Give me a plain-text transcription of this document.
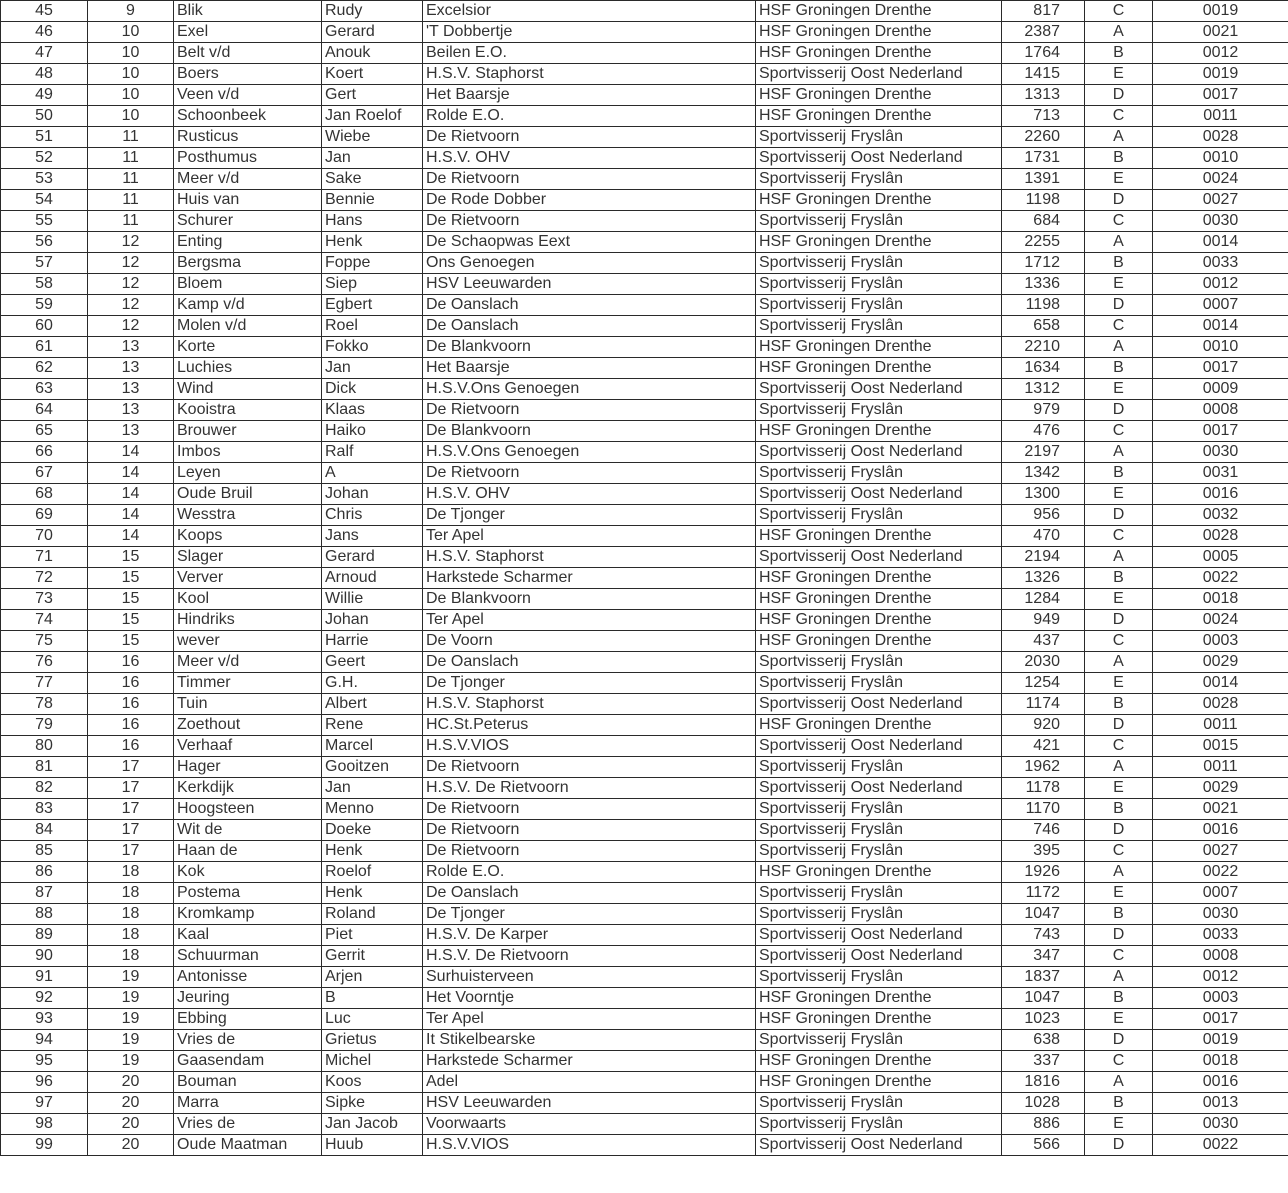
45	9	Blik	Rudy	Excelsior	HSF Groningen Drenthe	817	C	0019
46	10	Exel	Gerard	'T Dobbertje	HSF Groningen Drenthe	2387	A	0021
47	10	Belt v/d	Anouk	Beilen E.O.	HSF Groningen Drenthe	1764	B	0012
48	10	Boers	Koert	H.S.V. Staphorst	Sportvisserij Oost Nederland	1415	E	0019
49	10	Veen v/d	Gert	Het Baarsje	HSF Groningen Drenthe	1313	D	0017
50	10	Schoonbeek	Jan Roelof	Rolde E.O.	HSF Groningen Drenthe	713	C	0011
51	11	Rusticus	Wiebe	De Rietvoorn	Sportvisserij Fryslân	2260	A	0028
52	11	Posthumus	Jan	H.S.V. OHV	Sportvisserij Oost Nederland	1731	B	0010
53	11	Meer v/d	Sake	De Rietvoorn	Sportvisserij Fryslân	1391	E	0024
54	11	Huis van	Bennie	De Rode Dobber	HSF Groningen Drenthe	1198	D	0027
55	11	Schurer	Hans	De Rietvoorn	Sportvisserij Fryslân	684	C	0030
56	12	Enting	Henk	De Schaopwas Eext	HSF Groningen Drenthe	2255	A	0014
57	12	Bergsma	Foppe	Ons Genoegen	Sportvisserij Fryslân	1712	B	0033
58	12	Bloem	Siep	HSV Leeuwarden	Sportvisserij Fryslân	1336	E	0012
59	12	Kamp v/d	Egbert	De Oanslach	Sportvisserij Fryslân	1198	D	0007
60	12	Molen v/d	Roel	De Oanslach	Sportvisserij Fryslân	658	C	0014
61	13	Korte	Fokko	De Blankvoorn	HSF Groningen Drenthe	2210	A	0010
62	13	Luchies	Jan	Het Baarsje	HSF Groningen Drenthe	1634	B	0017
63	13	Wind	Dick	H.S.V.Ons Genoegen	Sportvisserij Oost Nederland	1312	E	0009
64	13	Kooistra	Klaas	De Rietvoorn	Sportvisserij Fryslân	979	D	0008
65	13	Brouwer	Haiko	De Blankvoorn	HSF Groningen Drenthe	476	C	0017
66	14	Imbos	Ralf	H.S.V.Ons Genoegen	Sportvisserij Oost Nederland	2197	A	0030
67	14	Leyen	A	De Rietvoorn	Sportvisserij Fryslân	1342	B	0031
68	14	Oude Bruil	Johan	H.S.V. OHV	Sportvisserij Oost Nederland	1300	E	0016
69	14	Wesstra	Chris	De Tjonger	Sportvisserij Fryslân	956	D	0032
70	14	Koops	Jans	Ter Apel	HSF Groningen Drenthe	470	C	0028
71	15	Slager	Gerard	H.S.V. Staphorst	Sportvisserij Oost Nederland	2194	A	0005
72	15	Verver	Arnoud	Harkstede Scharmer	HSF Groningen Drenthe	1326	B	0022
73	15	Kool	Willie	De Blankvoorn	HSF Groningen Drenthe	1284	E	0018
74	15	Hindriks	Johan	Ter Apel	HSF Groningen Drenthe	949	D	0024
75	15	wever	Harrie	De Voorn	HSF Groningen Drenthe	437	C	0003
76	16	Meer v/d	Geert	De Oanslach	Sportvisserij Fryslân	2030	A	0029
77	16	Timmer	G.H.	De Tjonger	Sportvisserij Fryslân	1254	E	0014
78	16	Tuin	Albert	H.S.V. Staphorst	Sportvisserij Oost Nederland	1174	B	0028
79	16	Zoethout	Rene	HC.St.Peterus	HSF Groningen Drenthe	920	D	0011
80	16	Verhaaf	Marcel	H.S.V.VIOS	Sportvisserij Oost Nederland	421	C	0015
81	17	Hager	Gooitzen	De Rietvoorn	Sportvisserij Fryslân	1962	A	0011
82	17	Kerkdijk	Jan	H.S.V. De Rietvoorn	Sportvisserij Oost Nederland	1178	E	0029
83	17	Hoogsteen	Menno	De Rietvoorn	Sportvisserij Fryslân	1170	B	0021
84	17	Wit de	Doeke	De Rietvoorn	Sportvisserij Fryslân	746	D	0016
85	17	Haan de	Henk	De Rietvoorn	Sportvisserij Fryslân	395	C	0027
86	18	Kok	Roelof	Rolde E.O.	HSF Groningen Drenthe	1926	A	0022
87	18	Postema	Henk	De Oanslach	Sportvisserij Fryslân	1172	E	0007
88	18	Kromkamp	Roland	De Tjonger	Sportvisserij Fryslân	1047	B	0030
89	18	Kaal	Piet	H.S.V. De Karper	Sportvisserij Oost Nederland	743	D	0033
90	18	Schuurman	Gerrit	H.S.V. De Rietvoorn	Sportvisserij Oost Nederland	347	C	0008
91	19	Antonisse	Arjen	Surhuisterveen	Sportvisserij Fryslân	1837	A	0012
92	19	Jeuring	B	Het Voorntje	HSF Groningen Drenthe	1047	B	0003
93	19	Ebbing	Luc	Ter Apel	HSF Groningen Drenthe	1023	E	0017
94	19	Vries de	Grietus	It Stikelbearske	Sportvisserij Fryslân	638	D	0019
95	19	Gaasendam	Michel	Harkstede Scharmer	HSF Groningen Drenthe	337	C	0018
96	20	Bouman	Koos	Adel	HSF Groningen Drenthe	1816	A	0016
97	20	Marra	Sipke	HSV Leeuwarden	Sportvisserij Fryslân	1028	B	0013
98	20	Vries de	Jan Jacob	Voorwaarts	Sportvisserij Fryslân	886	E	0030
99	20	Oude Maatman	Huub	H.S.V.VIOS	Sportvisserij Oost Nederland	566	D	0022
